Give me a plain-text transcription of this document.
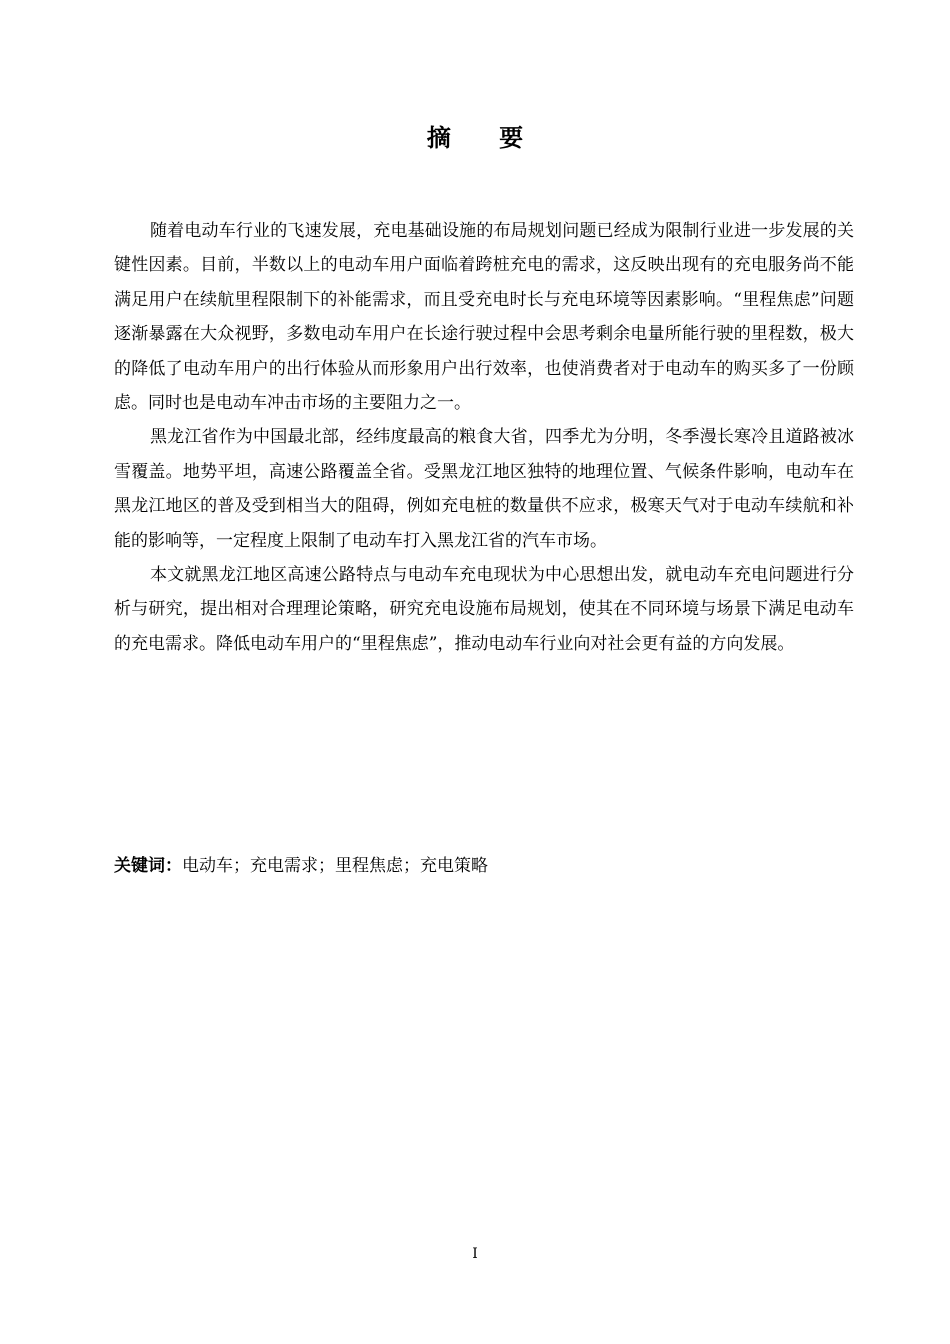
摘 要

随着电动车行业的飞速发展，充电基础设施的布局规划问题已经成为限制行业进一步发展的关键性因素。目前，半数以上的电动车用户面临着跨桩充电的需求，这反映出现有的充电服务尚不能满足用户在续航里程限制下的补能需求，而且受充电时长与充电环境等因素影响。“里程焦虑”问题逐渐暴露在大众视野，多数电动车用户在长途行驶过程中会思考剩余电量所能行驶的里程数，极大的降低了电动车用户的出行体验从而形象用户出行效率，也使消费者对于电动车的购买多了一份顾虑。同时也是电动车冲击市场的主要阻力之一。

黑龙江省作为中国最北部，经纬度最高的粮食大省，四季尤为分明，冬季漫长寒冷且道路被冰雪覆盖。地势平坦，高速公路覆盖全省。受黑龙江地区独特的地理位置、气候条件影响，电动车在黑龙江地区的普及受到相当大的阻碍，例如充电桩的数量供不应求，极寒天气对于电动车续航和补能的影响等，一定程度上限制了电动车打入黑龙江省的汽车市场。

本文就黑龙江地区高速公路特点与电动车充电现状为中心思想出发，就电动车充电问题进行分析与研究，提出相对合理理论策略，研究充电设施布局规划，使其在不同环境与场景下满足电动车的充电需求。降低电动车用户的“里程焦虑”，推动电动车行业向对社会更有益的方向发展。

关键词：电动车；充电需求；里程焦虑；充电策略
I
